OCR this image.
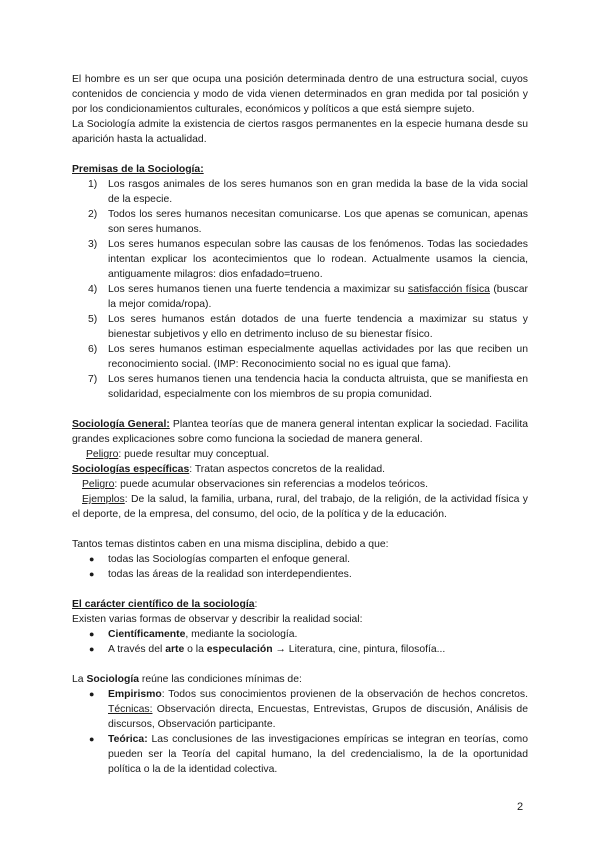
El hombre es un ser que ocupa una posición determinada dentro de una estructura social, cuyos contenidos de conciencia y modo de vida vienen determinados en gran medida por tal posición y por los condicionamientos culturales, económicos y políticos a que está siempre sujeto.

La Sociología admite la existencia de ciertos rasgos permanentes en la especie humana desde su aparición hasta la actualidad.

Premisas de la Sociología:

1) Los rasgos animales de los seres humanos son en gran medida la base de la vida social de la especie.
2) Todos los seres humanos necesitan comunicarse. Los que apenas se comunican, apenas son seres humanos.
3) Los seres humanos especulan sobre las causas de los fenómenos. Todas las sociedades intentan explicar los acontecimientos que lo rodean. Actualmente usamos la ciencia, antiguamente milagros: dios enfadado=trueno.
4) Los seres humanos tienen una fuerte tendencia a maximizar su satisfacción física (buscar la mejor comida/ropa).
5) Los seres humanos están dotados de una fuerte tendencia a maximizar su status y bienestar subjetivos y ello en detrimento incluso de su bienestar físico.
6) Los seres humanos estiman especialmente aquellas actividades por las que reciben un reconocimiento social. (IMP: Reconocimiento social no es igual que fama).
7) Los seres humanos tienen una tendencia hacia la conducta altruista, que se manifiesta en solidaridad, especialmente con los miembros de su propia comunidad.

Sociología General: Plantea teorías que de manera general intentan explicar la sociedad. Facilita grandes explicaciones sobre como funciona la sociedad de manera general.

Peligro: puede resultar muy conceptual.

Sociologías específicas: Tratan aspectos concretos de la realidad.

Peligro: puede acumular observaciones sin referencias a modelos teóricos.

Ejemplos: De la salud, la familia, urbana, rural, del trabajo, de la religión, de la actividad física y el deporte, de la empresa, del consumo, del ocio, de la política y de la educación.

Tantos temas distintos caben en una misma disciplina, debido a que:

● todas las Sociologías comparten el enfoque general.
● todas las áreas de la realidad son interdependientes.

El carácter científico de la sociología:

Existen varias formas de observar y describir la realidad social:

● Científicamente, mediante la sociología.
● A través del arte o la especulación → Literatura, cine, pintura, filosofía...

La Sociología reúne las condiciones mínimas de:

● Empirismo: Todos sus conocimientos provienen de la observación de hechos concretos. Técnicas: Observación directa, Encuestas, Entrevistas, Grupos de discusión, Análisis de discursos, Observación participante.
● Teórica: Las conclusiones de las investigaciones empíricas se integran en teorías, como pueden ser la Teoría del capital humano, la del credencialismo, la de la oportunidad política o la de la identidad colectiva.
2
